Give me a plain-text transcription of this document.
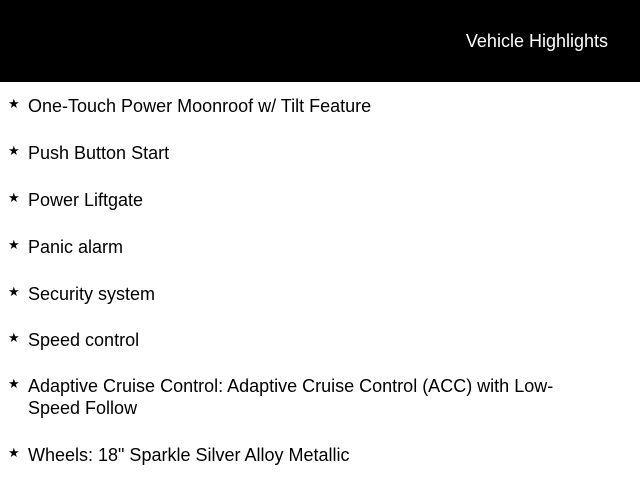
Vehicle Highlights
★ One-Touch Power Moonroof w/ Tilt Feature
★ Push Button Start
★ Power Liftgate
★ Panic alarm
★ Security system
★ Speed control
★ Adaptive Cruise Control: Adaptive Cruise Control (ACC) with Low-Speed Follow
★ Wheels: 18" Sparkle Silver Alloy Metallic
